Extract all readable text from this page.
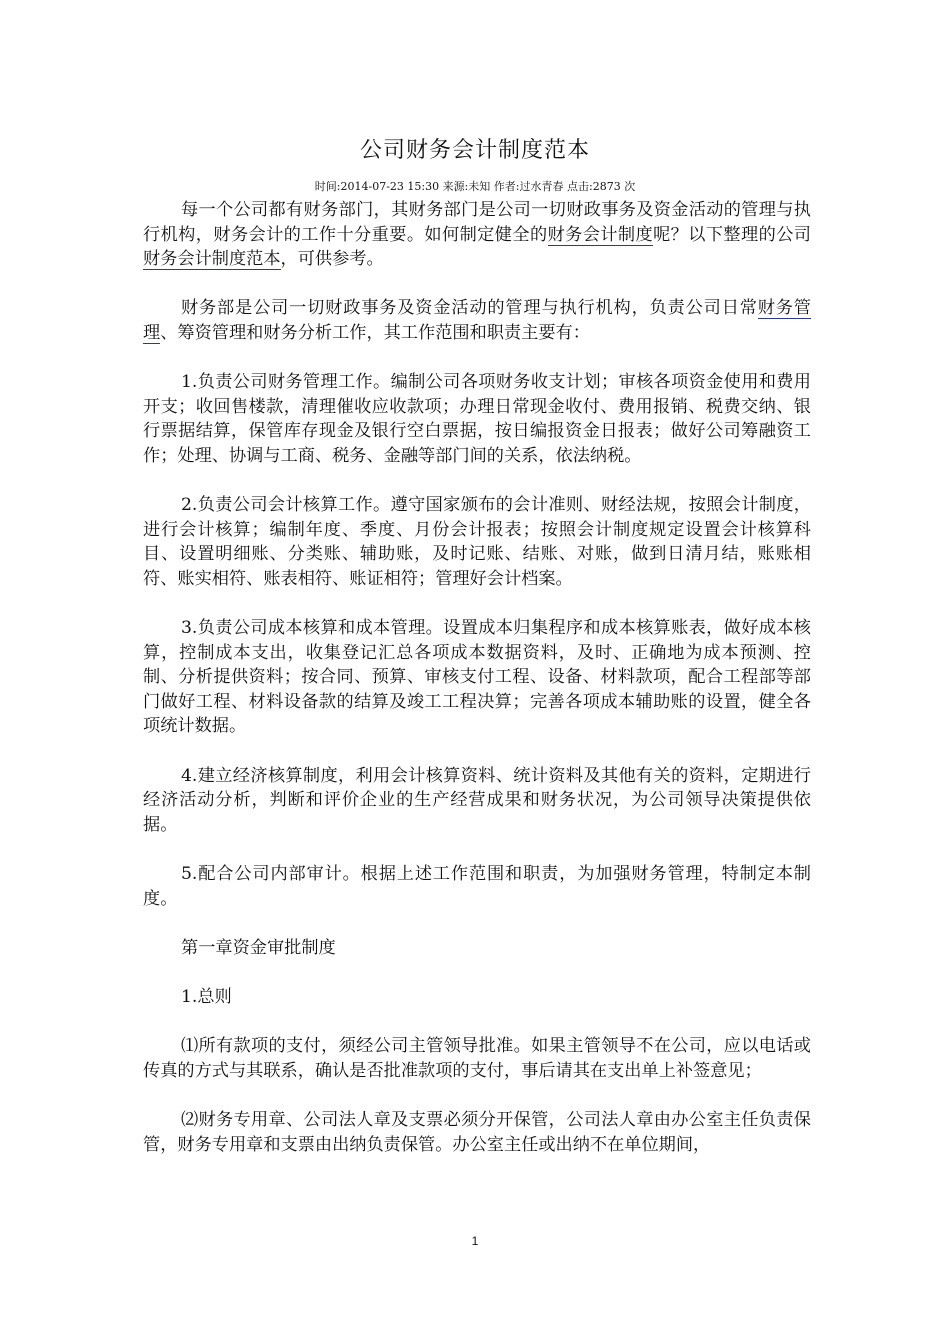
公司财务会计制度范本
时间:2014-07-23 15:30 来源:未知 作者:过水青春 点击:2873 次

每一个公司都有财务部门，其财务部门是公司一切财政事务及资金活动的管理与执行机构，财务会计的工作十分重要。如何制定健全的财务会计制度呢？以下整理的公司财务会计制度范本，可供参考。

财务部是公司一切财政事务及资金活动的管理与执行机构，负责公司日常财务管理、筹资管理和财务分析工作，其工作范围和职责主要有：

1.负责公司财务管理工作。编制公司各项财务收支计划；审核各项资金使用和费用开支；收回售楼款，清理催收应收款项；办理日常现金收付、费用报销、税费交纳、银行票据结算，保管库存现金及银行空白票据，按日编报资金日报表；做好公司筹融资工作；处理、协调与工商、税务、金融等部门间的关系，依法纳税。

2.负责公司会计核算工作。遵守国家颁布的会计准则、财经法规，按照会计制度，进行会计核算；编制年度、季度、月份会计报表；按照会计制度规定设置会计核算科目、设置明细账、分类账、辅助账，及时记账、结账、对账，做到日清月结，账账相符、账实相符、账表相符、账证相符；管理好会计档案。

3.负责公司成本核算和成本管理。设置成本归集程序和成本核算账表，做好成本核算，控制成本支出，收集登记汇总各项成本数据资料，及时、正确地为成本预测、控制、分析提供资料；按合同、预算、审核支付工程、设备、材料款项，配合工程部等部门做好工程、材料设备款的结算及竣工工程决算；完善各项成本辅助账的设置，健全各项统计数据。

4.建立经济核算制度，利用会计核算资料、统计资料及其他有关的资料，定期进行经济活动分析，判断和评价企业的生产经营成果和财务状况，为公司领导决策提供依据。

5.配合公司内部审计。根据上述工作范围和职责，为加强财务管理，特制定本制度。

第一章资金审批制度

1.总则

⑴所有款项的支付，须经公司主管领导批准。如果主管领导不在公司，应以电话或传真的方式与其联系，确认是否批准款项的支付，事后请其在支出单上补签意见；

⑵财务专用章、公司法人章及支票必须分开保管，公司法人章由办公室主任负责保管，财务专用章和支票由出纳负责保管。办公室主任或出纳不在单位期间，

1
